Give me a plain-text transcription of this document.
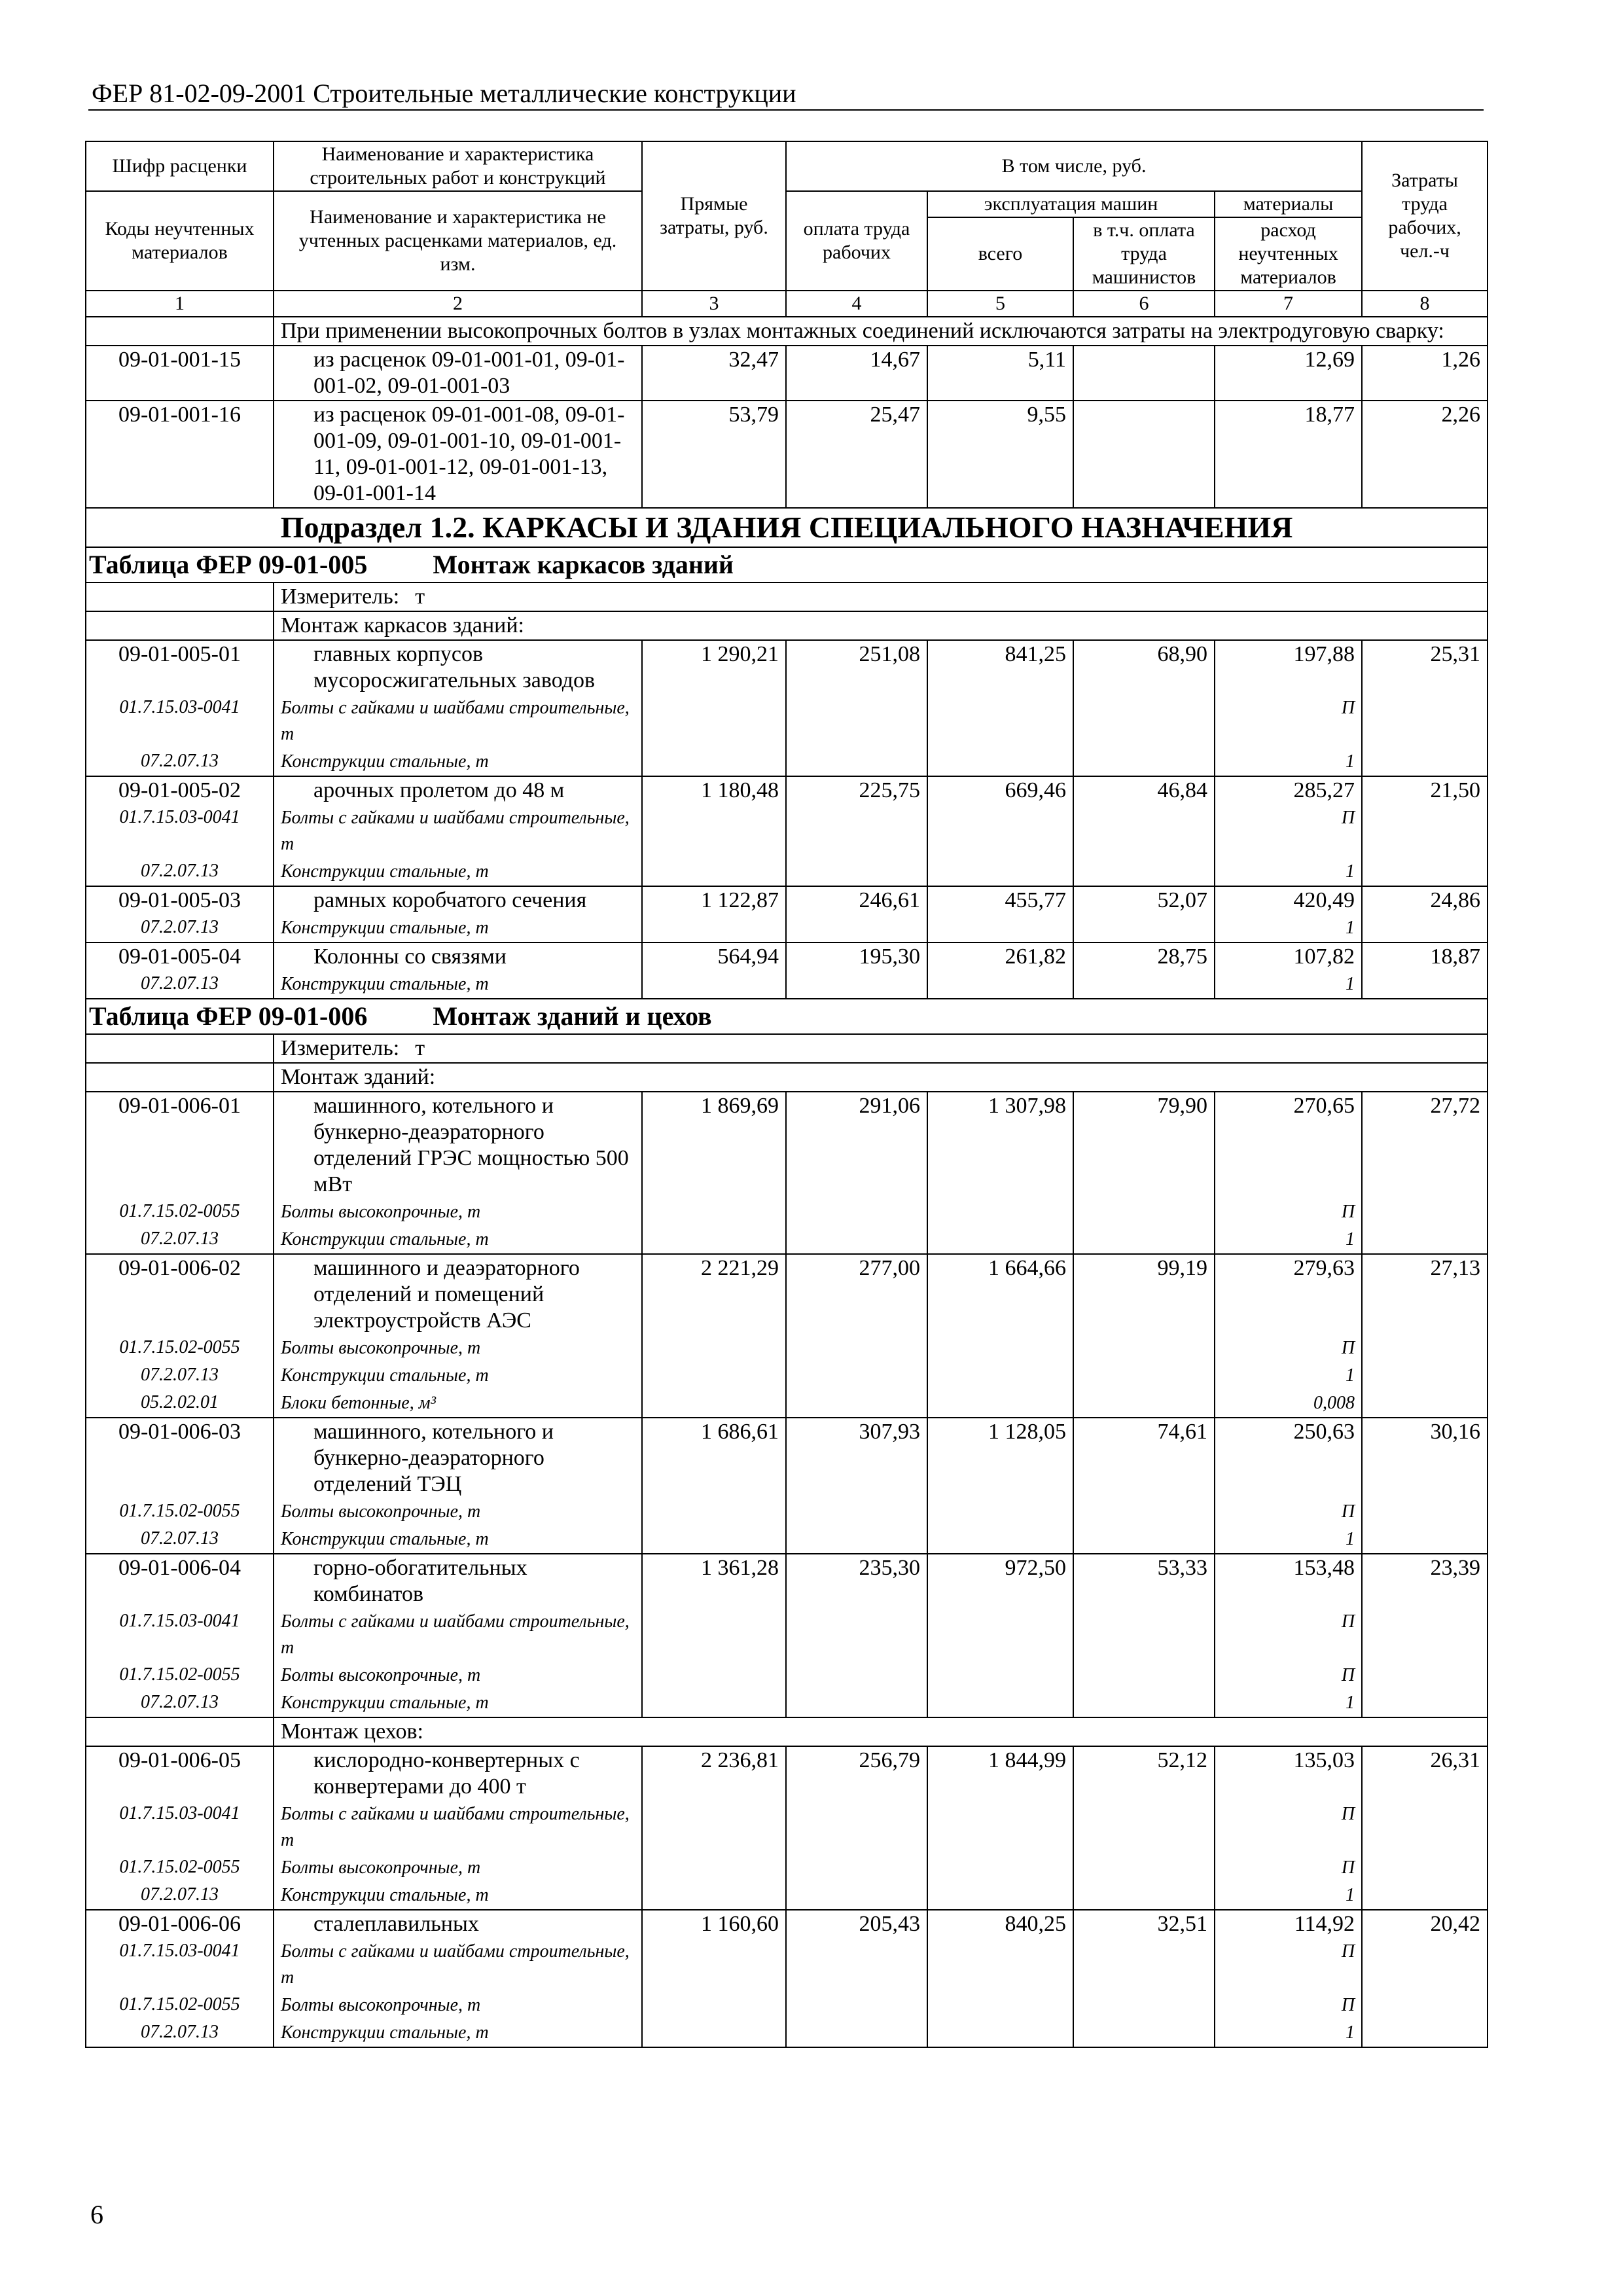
ФЕР 81-02-09-2001 Строительные металлические конструкции
Шифр расценки	Наименование и характеристика строительных работ и конструкций	Прямые затраты, руб.	В том числе, руб.				Затраты труда рабочих, чел.-ч
Коды неучтенных материалов	Наименование и характеристика не учтенных расценками материалов, ед. изм.		оплата труда рабочих	эксплуатация машин		материалы	
				всего	в т.ч. оплата труда машинистов	расход неучтенных материалов	
1	2	3	4	5	6	7	8
	При применении высокопрочных болтов в узлах монтажных соединений исключаются затраты на электродуговую сварку:						
09-01-001-15	из расценок 09-01-001-01, 09-01-001-02, 09-01-001-03	32,47	14,67	5,11		12,69	1,26
09-01-001-16	из расценок 09-01-001-08, 09-01-001-09, 09-01-001-10, 09-01-001-11, 09-01-001-12, 09-01-001-13, 09-01-001-14	53,79	25,47	9,55		18,77	2,26
Подраздел 1.2. КАРКАСЫ И ЗДАНИЯ СПЕЦИАЛЬНОГО НАЗНАЧЕНИЯ							
Таблица ФЕР 09-01-005 Монтаж каркасов зданий							
	Измеритель: т						
	Монтаж каркасов зданий:						
09-01-005-01	главных корпусов мусоросжигательных заводов	1 290,21	251,08	841,25	68,90	197,88	25,31
01.7.15.03-0041	Болты с гайками и шайбами строительные, т					П	
07.2.07.13	Конструкции стальные, т					1	
09-01-005-02	арочных пролетом до 48 м	1 180,48	225,75	669,46	46,84	285,27	21,50
01.7.15.03-0041	Болты с гайками и шайбами строительные, т					П	
07.2.07.13	Конструкции стальные, т					1	
09-01-005-03	рамных коробчатого сечения	1 122,87	246,61	455,77	52,07	420,49	24,86
07.2.07.13	Конструкции стальные, т					1	
09-01-005-04	Колонны со связями	564,94	195,30	261,82	28,75	107,82	18,87
07.2.07.13	Конструкции стальные, т					1	
Таблица ФЕР 09-01-006 Монтаж зданий и цехов							
	Измеритель: т						
	Монтаж зданий:						
09-01-006-01	машинного, котельного и бункерно-деаэраторного отделений ГРЭС мощностью 500 мВт	1 869,69	291,06	1 307,98	79,90	270,65	27,72
01.7.15.02-0055	Болты высокопрочные, т					П	
07.2.07.13	Конструкции стальные, т					1	
09-01-006-02	машинного и деаэраторного отделений и помещений электроустройств АЭС	2 221,29	277,00	1 664,66	99,19	279,63	27,13
01.7.15.02-0055	Болты высокопрочные, т					П	
07.2.07.13	Конструкции стальные, т					1	
05.2.02.01	Блоки бетонные, м³					0,008	
09-01-006-03	машинного, котельного и бункерно-деаэраторного отделений ТЭЦ	1 686,61	307,93	1 128,05	74,61	250,63	30,16
01.7.15.02-0055	Болты высокопрочные, т					П	
07.2.07.13	Конструкции стальные, т					1	
09-01-006-04	горно-обогатительных комбинатов	1 361,28	235,30	972,50	53,33	153,48	23,39
01.7.15.03-0041	Болты с гайками и шайбами строительные, т					П	
01.7.15.02-0055	Болты высокопрочные, т					П	
07.2.07.13	Конструкции стальные, т					1	
	Монтаж цехов:						
09-01-006-05	кислородно-конвертерных с конвертерами до 400 т	2 236,81	256,79	1 844,99	52,12	135,03	26,31
01.7.15.03-0041	Болты с гайками и шайбами строительные, т					П	
01.7.15.02-0055	Болты высокопрочные, т					П	
07.2.07.13	Конструкции стальные, т					1	
09-01-006-06	сталеплавильных	1 160,60	205,43	840,25	32,51	114,92	20,42
01.7.15.03-0041	Болты с гайками и шайбами строительные, т					П	
01.7.15.02-0055	Болты высокопрочные, т					П	
07.2.07.13	Конструкции стальные, т					1	
6
